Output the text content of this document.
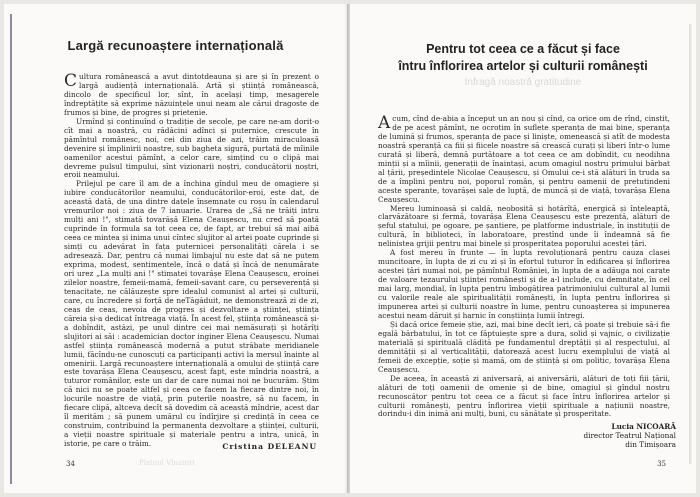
Largă recunoaștere internațională

Cultura românească a avut dintotdeauna și are și în prezent o largă audiență internațională. Artă și știință românească, dincolo de specificul lor, sînt, în același timp, mesagerele îndreptățite să exprime năzuințele unui neam ale cărui dragoste de frumos și bine, de progres și prietenie.

Urmînd și continuînd o tradiție de secole, pe care ne-am dorit-o cît mai a noastră, cu rădăcini adînci și puternice, crescute în pămîntul românesc, noi, cei din ziua de azi, trăim miraculoasă devenire și împlinirii noastre, sub bagheta sigură, purtată de mîinile oamenilor acestui pămînt, a celor care, simțind cu o clipă mai devreme pulsul timpului, sînt vizionarii noștri, conducătorii noștri, eroii neamului.

Prilejul pe care îl am de a închina gîndul meu de omagiere și iubire conducătorilor neamului, conducătorilor-eroi, este dat, de această dată, de una dintre datele însemnate cu roșu în calendarul vremurilor noi : ziua de 7 ianuarie. Urarea de „Să ne trăiți intru mulți ani !", stimată tovarășă Elena Ceaușescu, nu cred să poată cuprinde în formula sa tot ceea ce, de fapt, ar trebui să mai aibă ceea ce mintea și inima unui cîntec slujitor al artei poate cuprinde și simți cu adevărat în fața puternicei personalități cărela i se adresează. Dar, pentru că numai limbajul nu este dat să ne putem exprima, modest, sentimentele, încă o dată și încă de nenumărate ori urez „La mulți ani !" stimatei tovarășe Elena Ceaușescu, eroinei zilelor noastre, femeii-mamă, femeii-savant care, cu perseverență și tenacitate, ne călăuzește spre idealul comunist al artei și culturii, care, cu încredere și forță de neTăgăduit, ne demonstrează zi de zi, ceas de ceas, nevoia de progres și dezvoltare a științei, știința căreia și-a dedicat întreaga viață. În acest fel, știința românească și-a dobîndit, astăzi, pe unul dintre cei mai nemăsurați și hotărîți slujitori ai săi : academician doctor inginer Elena Ceaușescu. Numai astfel știința românească modernă a putut străbate meridianele lumii, făcîndu-ne cunoscuți ca participanți activi la mersul înainte al omenirii. Largă recunoaștere internațională a omului de știință care este tovarășa Elena Ceaușescu, acest fapt, este mîndria noastră, a tuturor românilor, este un dar de care numai noi ne bucurăm. Știm că nici nu se poate altfel și ceea ce facem la fiecare dintre noi, în locurile noastre de viață, prin puterile noastre, să nu facem, în fiecare clipă, altceva decît să dovedim că această mîndrie, acest dar îl merităm ; să punem umărul cu îndîrjire și credință în ceea ce construim, contribuind la permanenta dezvoltare a științei, culturii, a vieții noastre spirituale și materiale pentru a intra, unică, în istorie, pe care o trăim.	Cristina DELEANU
Platoul Vînatori
34
Pentru tot ceea ce a făcut și face
întru înflorirea artelor și culturii românești
Infragă noastră gratitudine

Acum, cînd de-abia a început un an nou și cînd, ca orice om de rînd, cinstit, de pe acest pămînt, ne ocrotim în suflete speranța de mai bine, speranța de lumină și frumos, speranța de pace și liniște, omenească și atît de modesta noastră speranță ca fiii și fiicele noastre să crească curați și liberi într-o lume curată și liberă, demnă purtătoare a tot ceea ce am dobîndit, cu neodihna minții și a mîinii, generații de înaintași, acum omagiul nostru primului bărbat al țării, președintele Nicolae Ceaușescu, și Omului ce-i stă alături în truda sa de a împlini pentru noi, poporul român, și pentru oamenii de pretutindeni aceste sperante, tovarășei sale de luptă, de muncă și de viață, tovarășa Elena Ceaușescu.

Mereu luminoasă și caldă, neobosită și hotărîtă, energică și înțeleaptă, clarvăzătoare și fermă, tovarășa Elena Ceaușescu este prezentă, alături de șeful statului, pe ogoare, pe șantiere, pe platforme industriale, în instituții de cultură, în biblioteci, în laboratoare, prestînd unde îi îndeamnă să fie nelinistea grijii pentru mai binele și prosperitatea poporului acestei țări.

A fost mereu în frunte — în lupta revoluționară pentru cauza clasei muncitoare, în lupta de zi cu zi și în efortul tuturor în edificarea și înflorirea acestei țări numai noi, pe pămîntul României, în lupta de a adăuga noi carate de valoare tezaurului științei românești și de a-l include, cu demnitate, în cel mai larg, mondial, în lupta pentru îmbogățirea patrimoniului cultural al lumii cu valorile reale ale spiritualității românești, în lupta pentru înflorirea și impunerea artei și culturii noastre în lume, pentru cunoașterea și impunerea acestui neam dăruit și harnic în conștiința lumii întregi.

Și dacă orice femeie știe, azi, mai bine decît ieri, că poate și trebuie să-i fie egală bărbatului, în tot ce făptuiește spre a dura, solid și vajnic, o civilizație materială și spirituală clădită pe fundamentul dreptății și al respectului, al demnității și al verticalității, datorează acest lucru exemplului de viață al femeii de excepție, soție și mamă, om de știință și om politic, tovarășa Elena Ceaușescu.

De aceea, în această zi aniversară, ai aniversării, alături de toți fiii țării, alături de toți oamenii de omenie și de bine, omagiul și gîndul nostru recunoscător pentru tot ceea ce a făcut și face întru înflorirea artelor și culturii românești, pentru înflorirea vieții spirituale a națiunii noastre, dorindu-i din inimă ani mulți, buni, cu sănătate și prosperitate.

Lucia NICOARĂ
director Teatrul Național
din Timișoara
35
